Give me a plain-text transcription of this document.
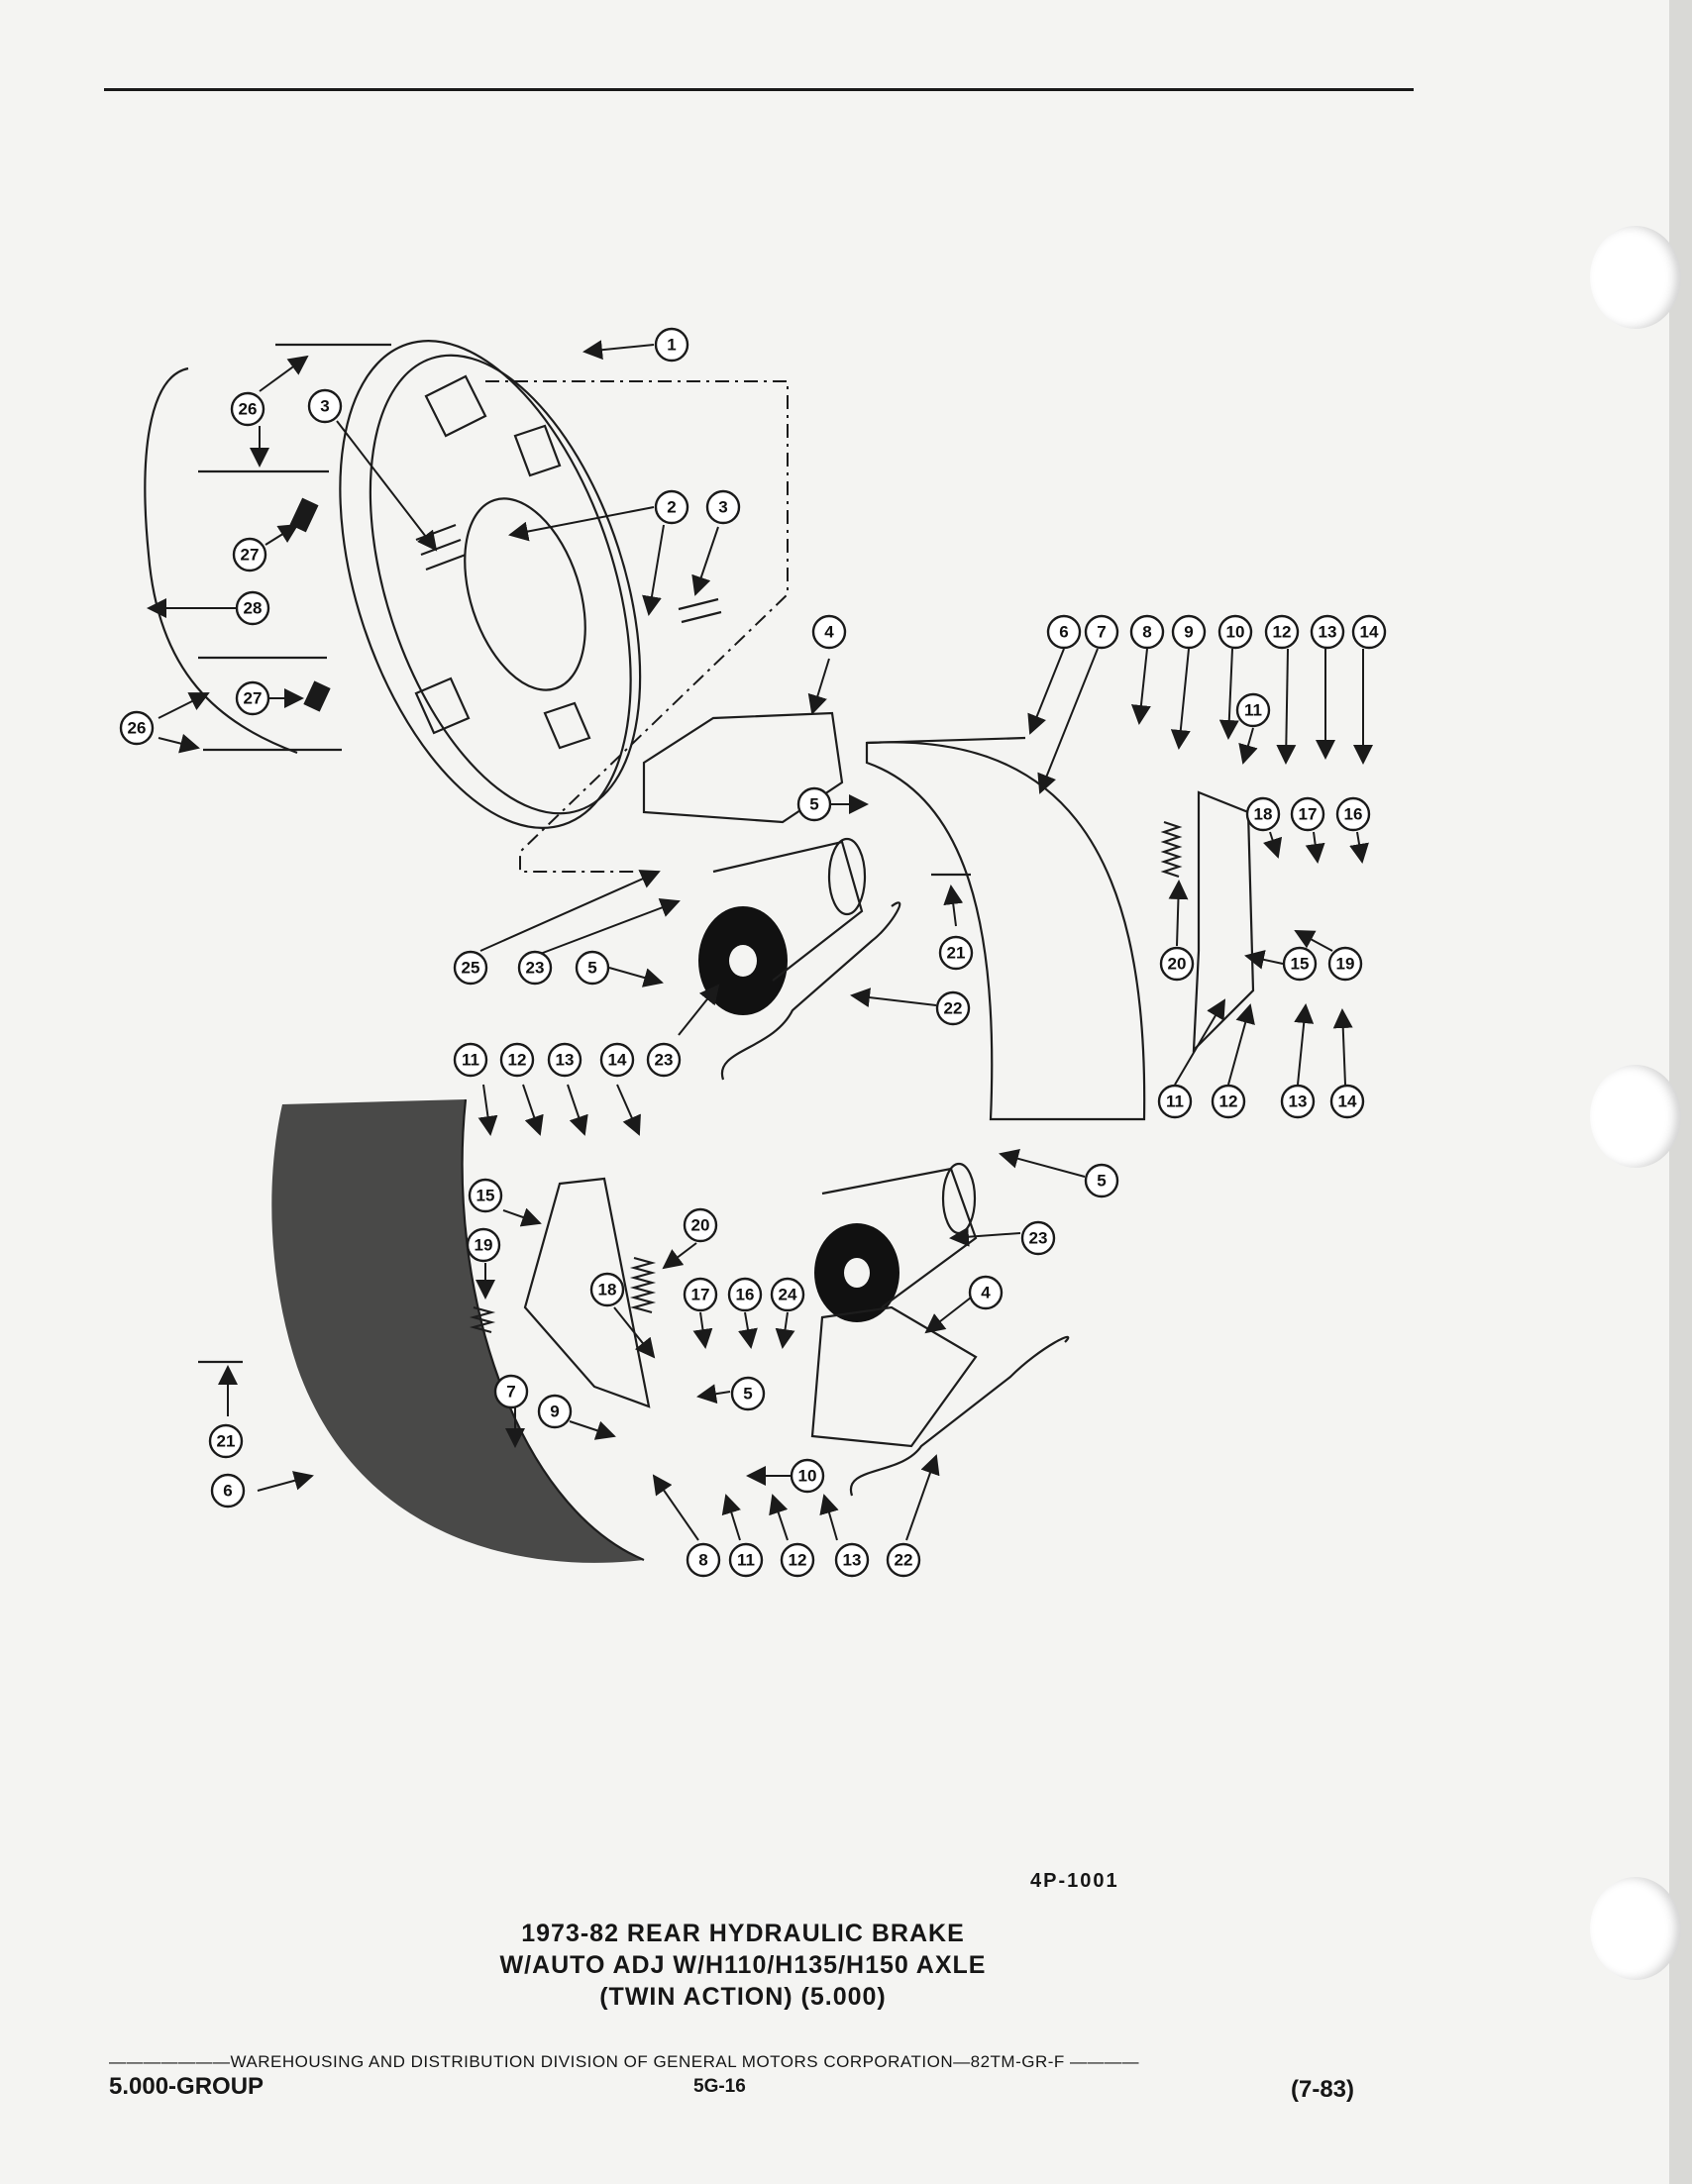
1
26	3
2	3
27
28
27
26
4	6 7 8 9 10 12 13 14
11
18 17 16
5
21
20	15 19
25	23	5
22
23
11 12	13 14
11 12 13 14
15
19
20
18	17 16 24
5
23
4
21
7
9
5
10
6
8 11 12 13 22
4P-1001
1973-82 REAR HYDRAULIC BRAKE
W/AUTO ADJ W/H110/H135/H150 AXLE
(TWIN ACTION) (5.000)
———————WAREHOUSING AND DISTRIBUTION DIVISION OF GENERAL MOTORS CORPORATION—82TM-GR-F ————
5.000-GROUP	5G-16	(7-83)
